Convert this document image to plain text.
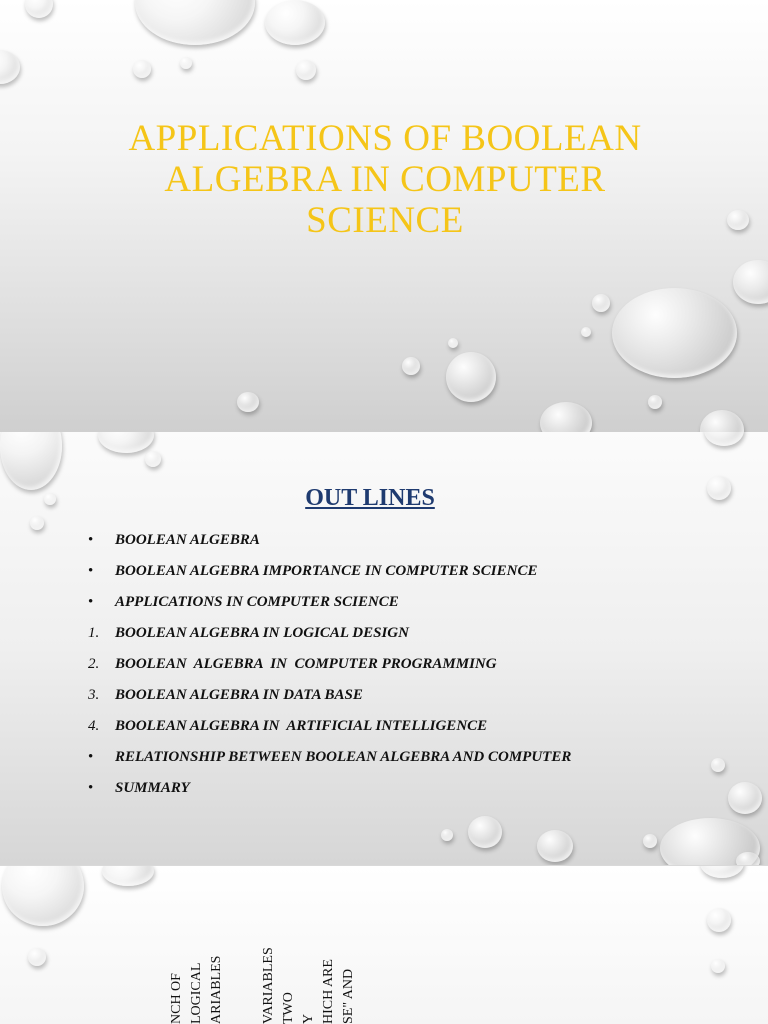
APPLICATIONS OF BOOLEAN ALGEBRA IN COMPUTER SCIENCE
OUT LINES
• BOOLEAN ALGEBRA
• BOOLEAN ALGEBRA IMPORTANCE IN COMPUTER SCIENCE
• APPLICATIONS IN COMPUTER SCIENCE
1. BOOLEAN ALGEBRA IN LOGICAL DESIGN
2. BOOLEAN  ALGEBRA  IN  COMPUTER PROGRAMMING
3. BOOLEAN ALGEBRA IN DATA BASE
4. BOOLEAN ALGEBRA IN  ARTIFICIAL INTELLIGENCE
• RELATIONSHIP BETWEEN BOOLEAN ALGEBRA AND COMPUTER
• SUMMARY
NCH OF LOGICAL ARIABLES	VARIABLES TWO Y HICH ARE SE" AND
